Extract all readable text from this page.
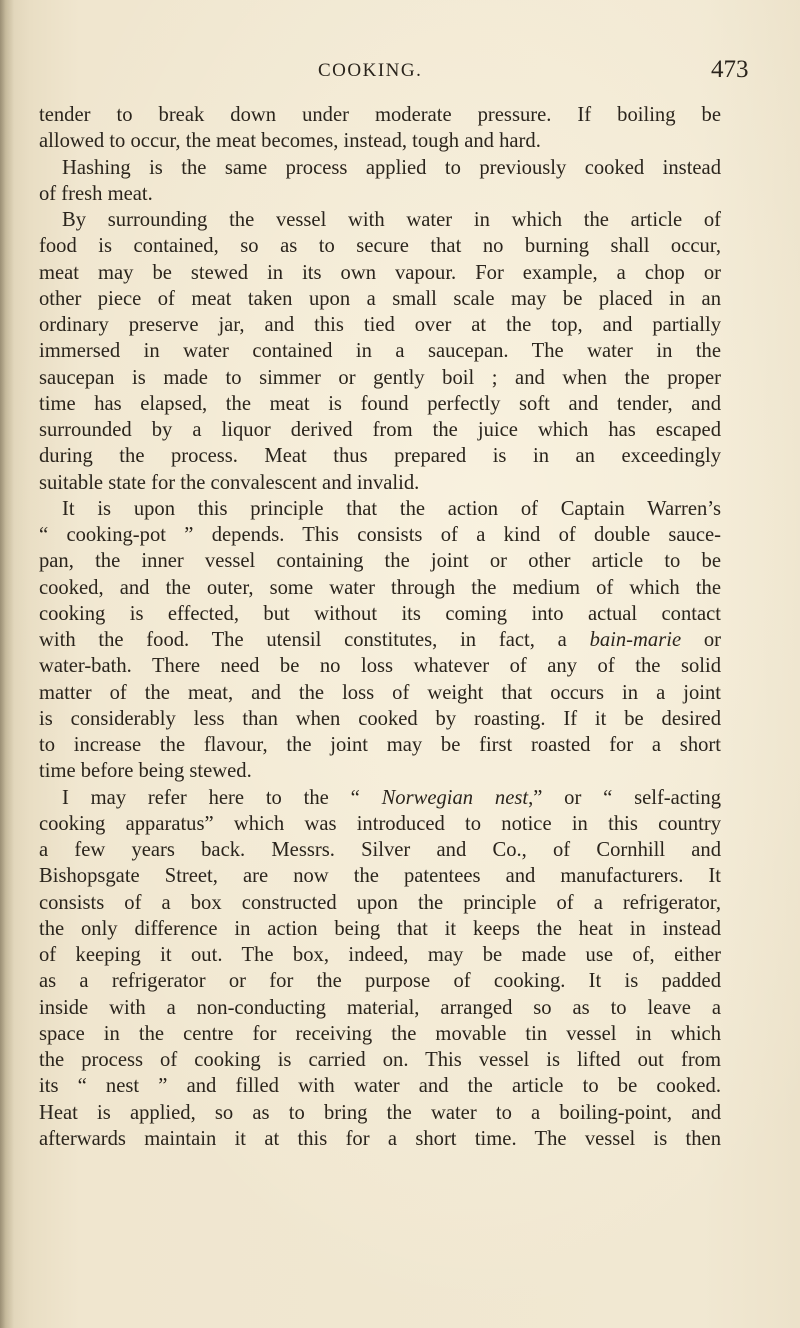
COOKING.	473
tender to break down under moderate pressure. If boiling be
allowed to occur, the meat becomes, instead, tough and hard.
Hashing is the same process applied to previously cooked instead
of fresh meat.
By surrounding the vessel with water in which the article of
food is contained, so as to secure that no burning shall occur,
meat may be stewed in its own vapour. For example, a chop or
other piece of meat taken upon a small scale may be placed in an
ordinary preserve jar, and this tied over at the top, and partially
immersed in water contained in a saucepan. The water in the
saucepan is made to simmer or gently boil ; and when the proper
time has elapsed, the meat is found perfectly soft and tender, and
surrounded by a liquor derived from the juice which has escaped
during the process. Meat thus prepared is in an exceedingly
suitable state for the convalescent and invalid.
It is upon this principle that the action of Captain Warren’s
“ cooking-pot ” depends. This consists of a kind of double sauce-
pan, the inner vessel containing the joint or other article to be
cooked, and the outer, some water through the medium of which the
cooking is effected, but without its coming into actual contact
with the food. The utensil constitutes, in fact, a bain-marie or
water-bath. There need be no loss whatever of any of the solid
matter of the meat, and the loss of weight that occurs in a joint
is considerably less than when cooked by roasting. If it be desired
to increase the flavour, the joint may be first roasted for a short
time before being stewed.
I may refer here to the “ Norwegian nest,” or “ self-acting
cooking apparatus” which was introduced to notice in this country
a few years back. Messrs. Silver and Co., of Cornhill and
Bishopsgate Street, are now the patentees and manufacturers. It
consists of a box constructed upon the principle of a refrigerator,
the only difference in action being that it keeps the heat in instead
of keeping it out. The box, indeed, may be made use of, either
as a refrigerator or for the purpose of cooking. It is padded
inside with a non-conducting material, arranged so as to leave a
space in the centre for receiving the movable tin vessel in which
the process of cooking is carried on. This vessel is lifted out from
its “ nest ” and filled with water and the article to be cooked.
Heat is applied, so as to bring the water to a boiling-point, and
afterwards maintain it at this for a short time. The vessel is then
